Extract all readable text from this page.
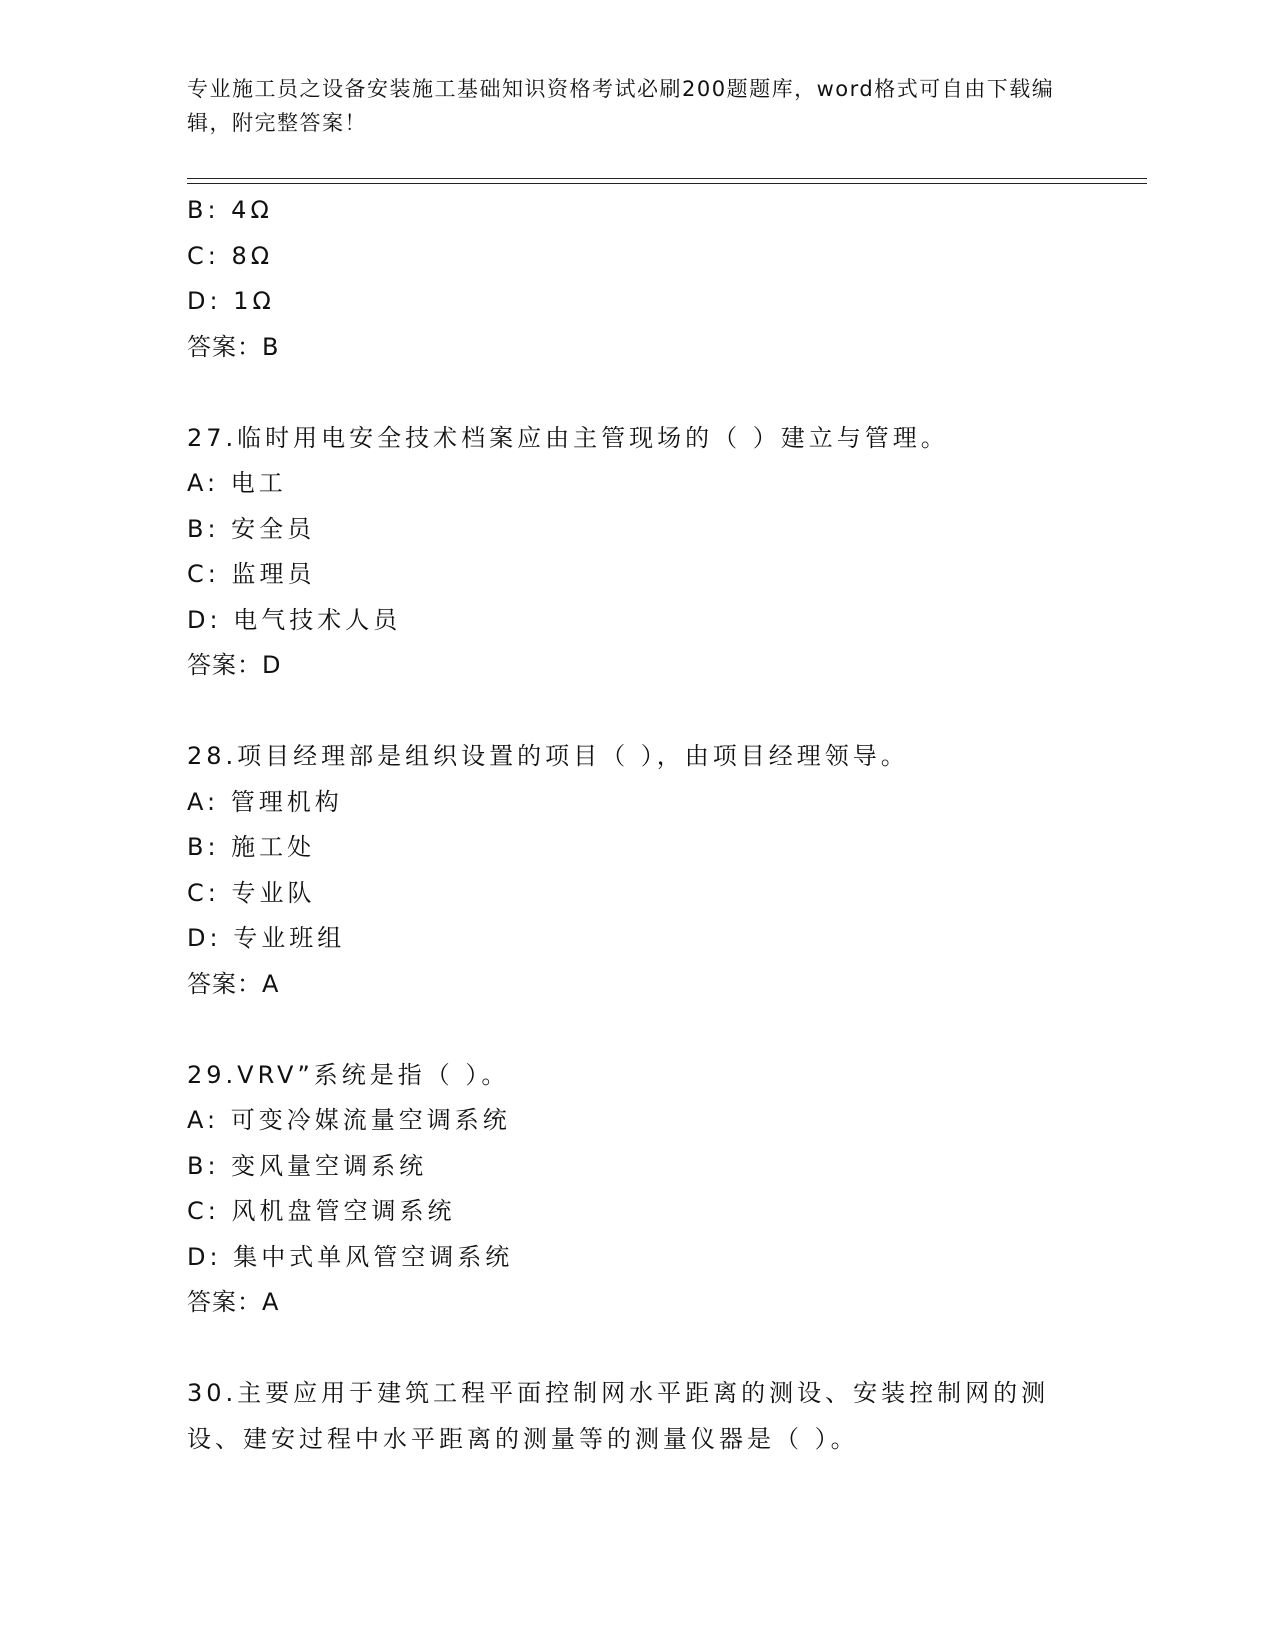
专业施工员之设备安装施工基础知识资格考试必刷200题题库，word格式可自由下载编辑，附完整答案！
B: 4Ω
C: 8Ω
D: 1Ω
答案：B
27.临时用电安全技术档案应由主管现场的（ ）建立与管理。
A: 电工
B: 安全员
C: 监理员
D: 电气技术人员
答案：D
28.项目经理部是组织设置的项目（ ），由项目经理领导。
A: 管理机构
B: 施工处
C: 专业队
D: 专业班组
答案：A
29.VRV”系统是指（ ）。
A: 可变冷媒流量空调系统
B: 变风量空调系统
C: 风机盘管空调系统
D: 集中式单风管空调系统
答案：A
30.主要应用于建筑工程平面控制网水平距离的测设、安装控制网的测设、建安过程中水平距离的测量等的测量仪器是（ ）。
